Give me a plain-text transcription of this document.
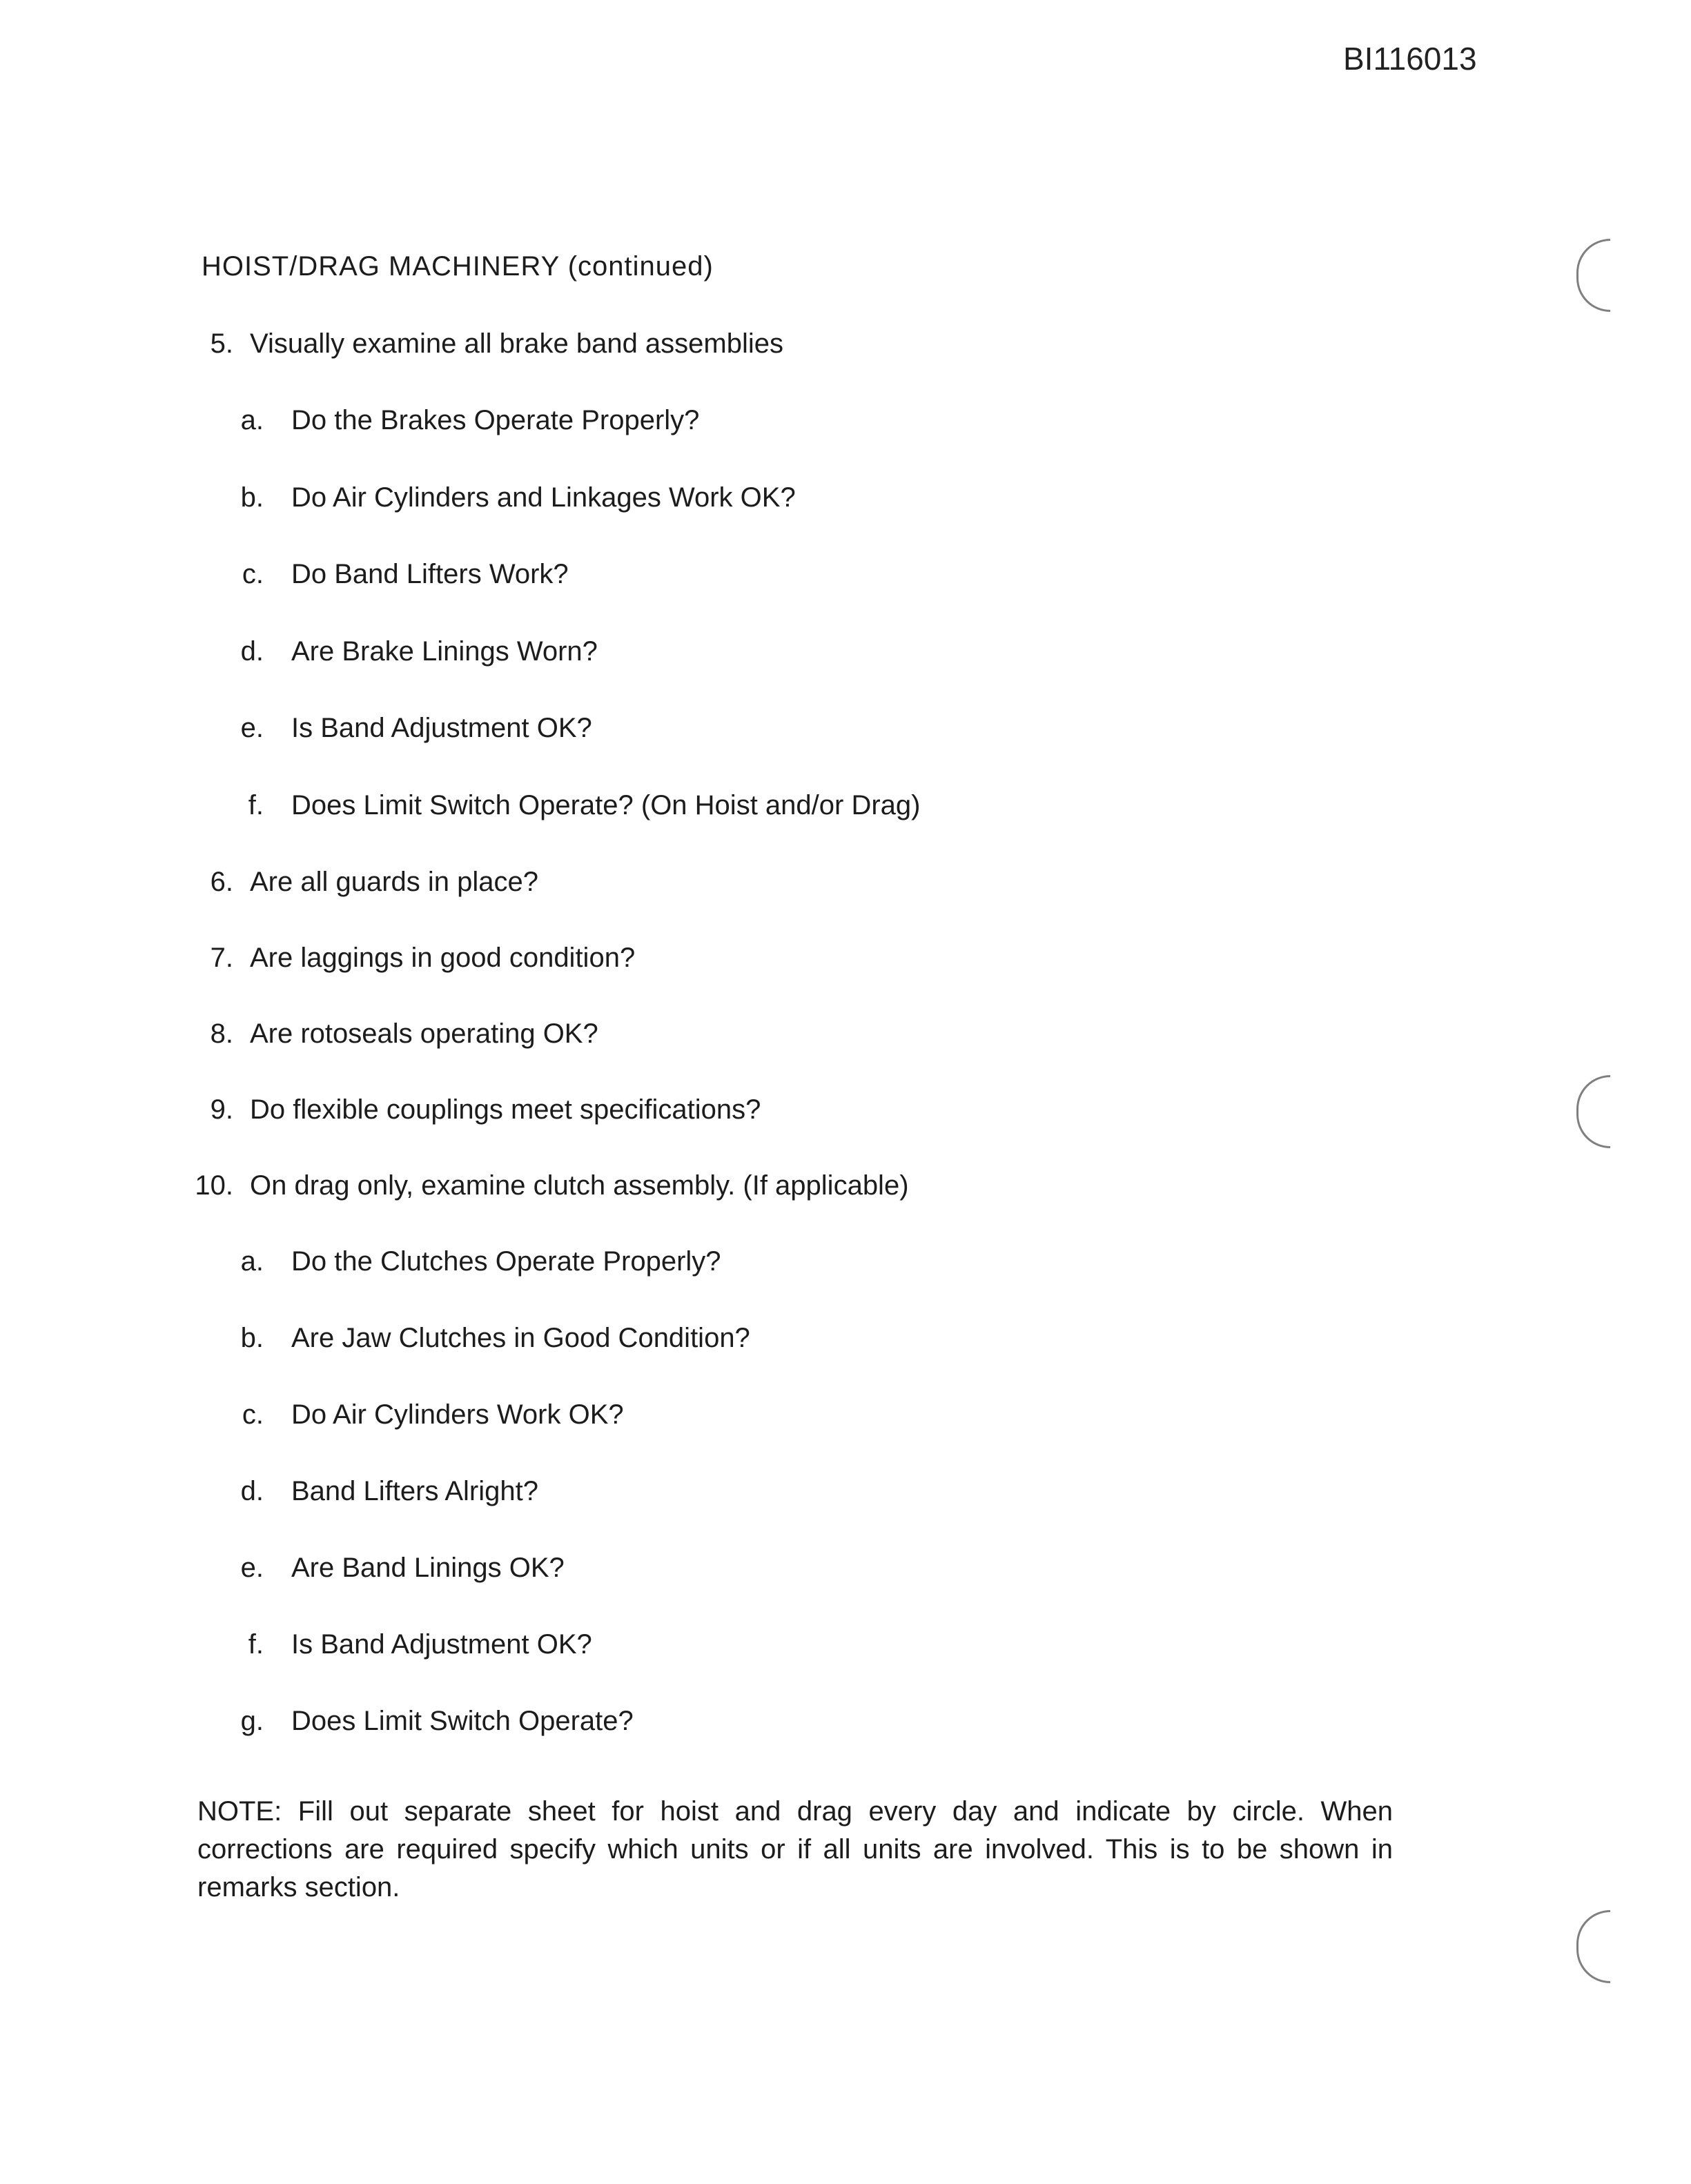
BI116013
HOIST/DRAG MACHINERY (continued)
5. Visually examine all brake band assemblies
a. Do the Brakes Operate Properly?
b. Do Air Cylinders and Linkages Work OK?
c. Do Band Lifters Work?
d. Are Brake Linings Worn?
e. Is Band Adjustment OK?
f. Does Limit Switch Operate? (On Hoist and/or Drag)
6. Are all guards in place?
7. Are laggings in good condition?
8. Are rotoseals operating OK?
9. Do flexible couplings meet specifications?
10. On drag only, examine clutch assembly. (If applicable)
a. Do the Clutches Operate Properly?
b. Are Jaw Clutches in Good Condition?
c. Do Air Cylinders Work OK?
d. Band Lifters Alright?
e. Are Band Linings OK?
f. Is Band Adjustment OK?
g. Does Limit Switch Operate?
NOTE: Fill out separate sheet for hoist and drag every day and indicate by circle. When corrections are required specify which units or if all units are involved. This is to be shown in remarks section.
